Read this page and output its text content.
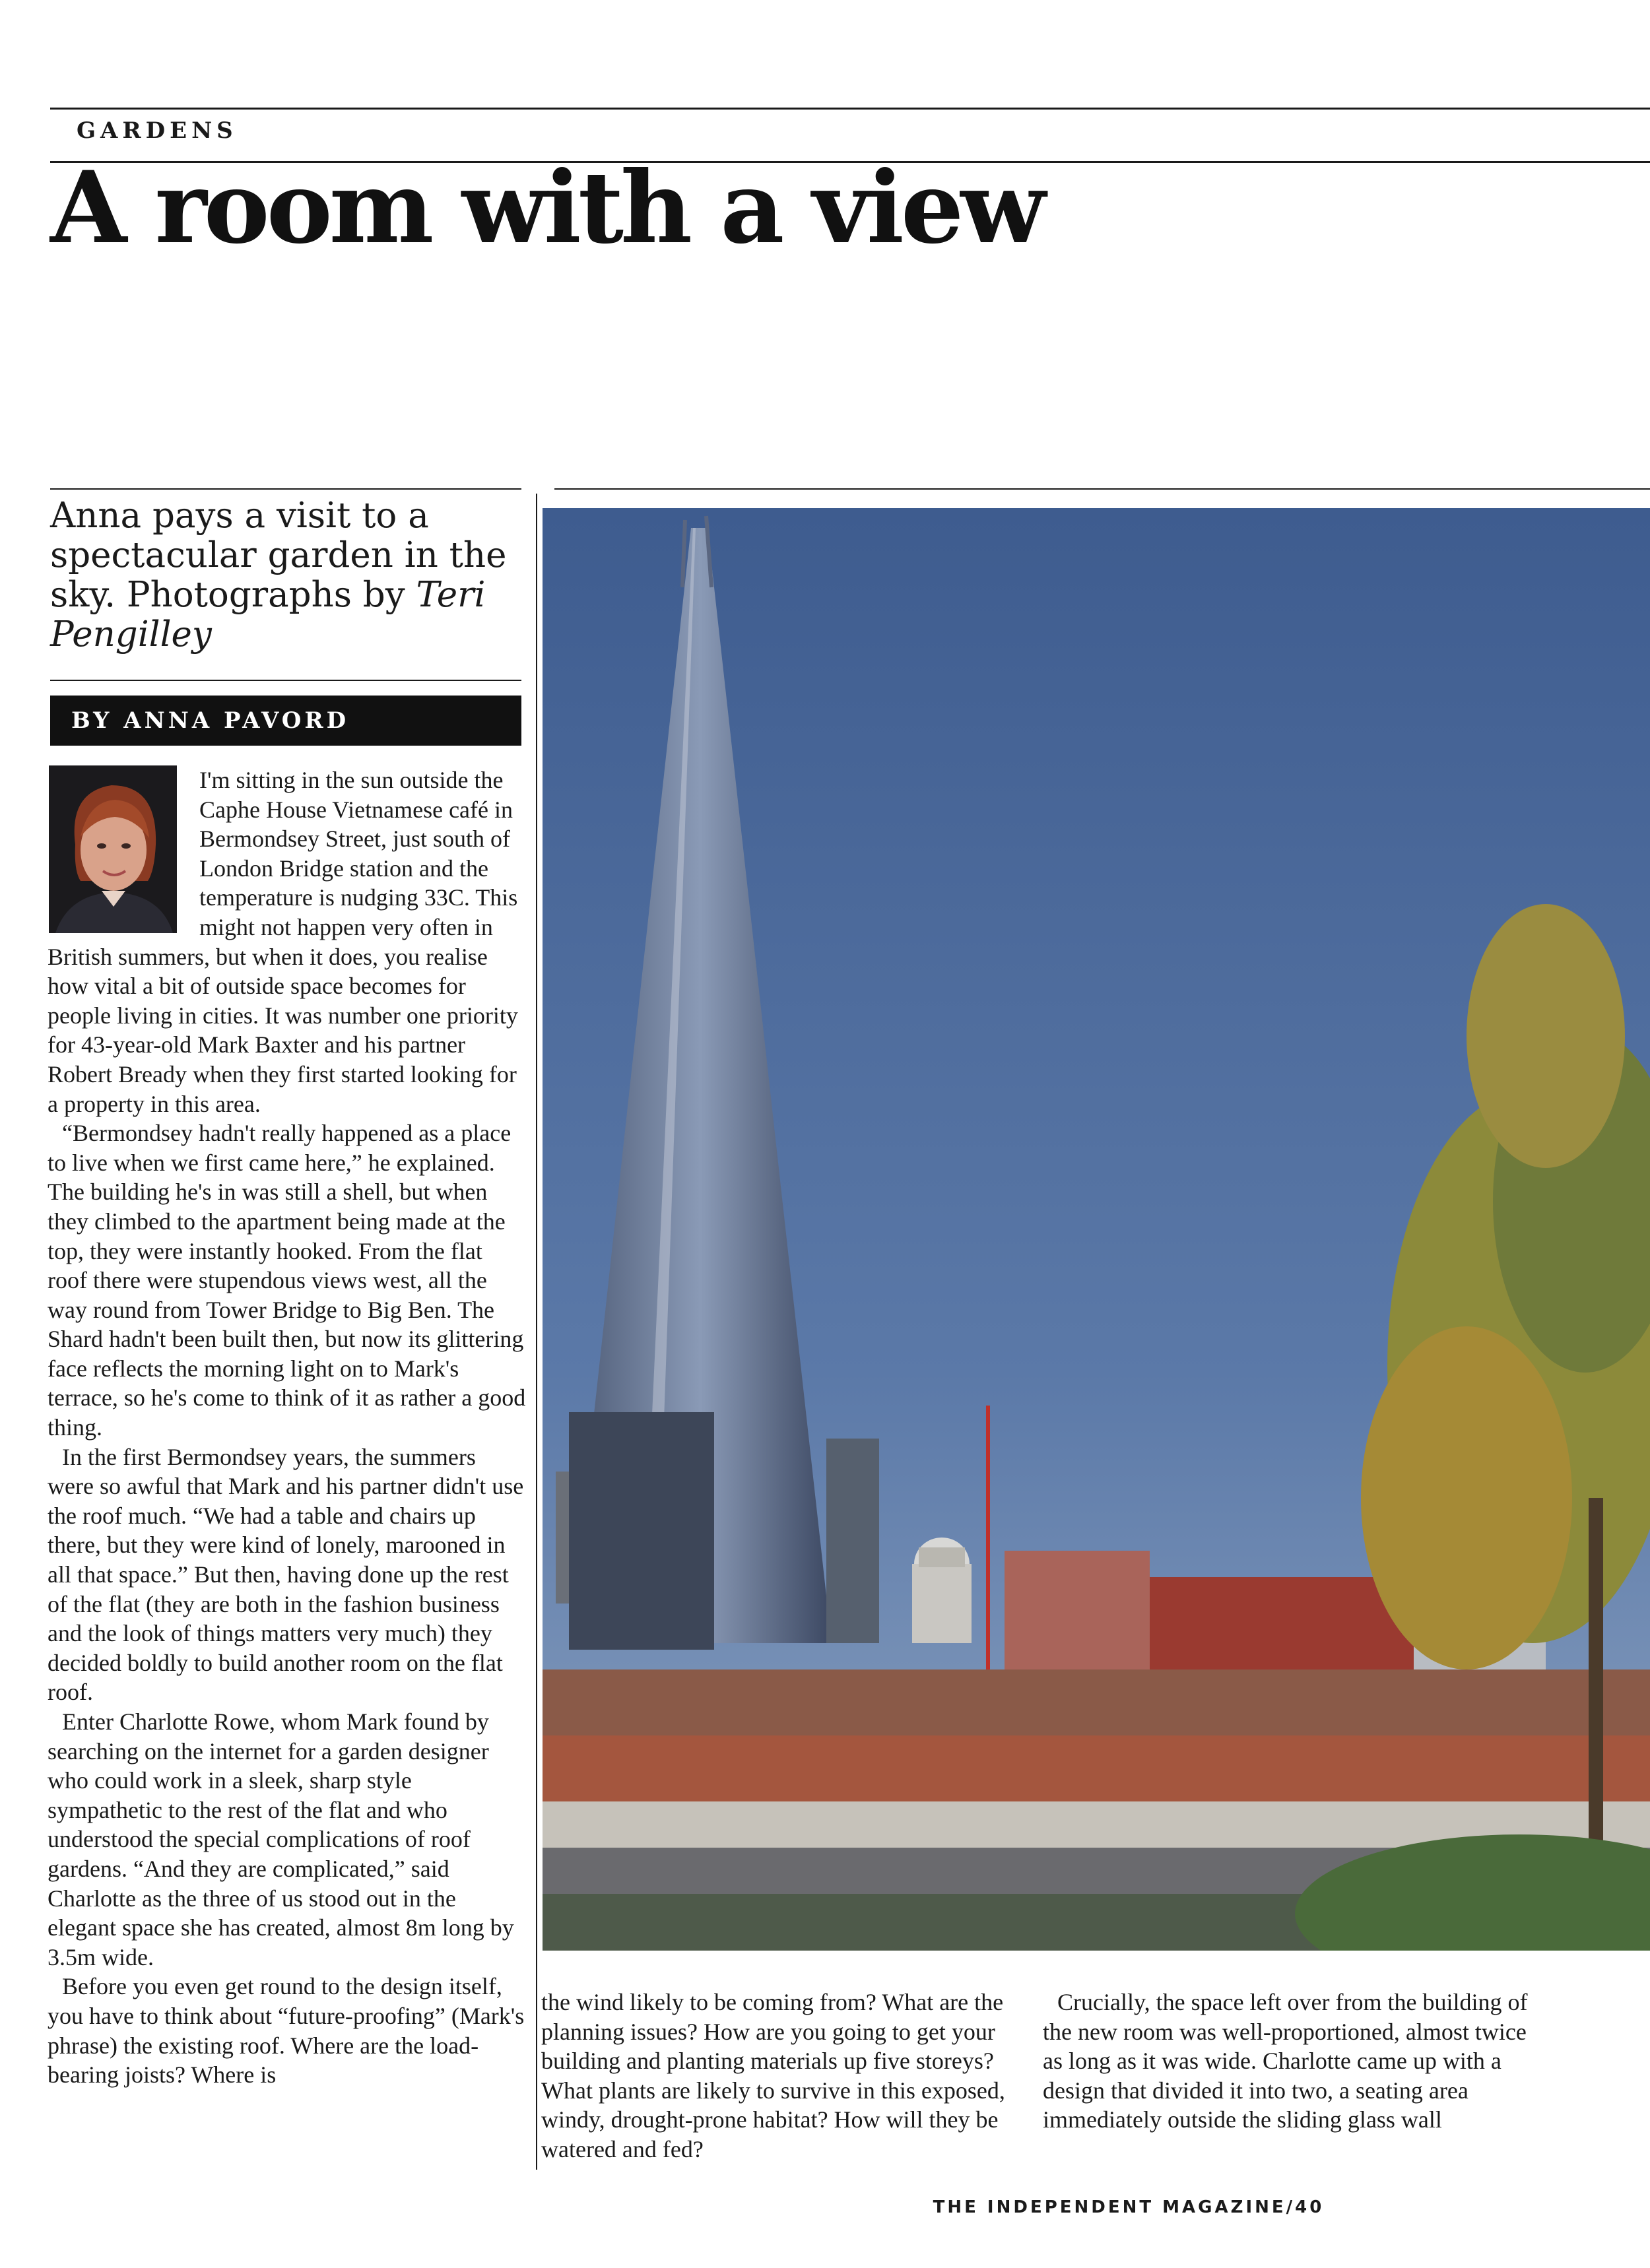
GARDENS
A room with a view
Anna pays a visit to a spectacular garden in the sky. Photographs by Teri Pengilley
BY ANNA PAVORD

I'm sitting in the sun outside the Caphe House Vietnamese café in Bermondsey Street, just south of London Bridge station and the temperature is nudging 33C. This might not happen very often in British summers, but when it does, you realise how vital a bit of outside space becomes for people living in cities. It was number one priority for 43-year-old Mark Baxter and his partner Robert Bready when they first started looking for a property in this area.

“Bermondsey hadn't really happened as a place to live when we first came here,” he explained. The building he's in was still a shell, but when they climbed to the apartment being made at the top, they were instantly hooked. From the flat roof there were stupendous views west, all the way round from Tower Bridge to Big Ben. The Shard hadn't been built then, but now its glittering face reflects the morning light on to Mark's terrace, so he's come to think of it as rather a good thing.

In the first Bermondsey years, the summers were so awful that Mark and his partner didn't use the roof much. “We had a table and chairs up there, but they were kind of lonely, marooned in all that space.” But then, having done up the rest of the flat (they are both in the fashion business and the look of things matters very much) they decided boldly to build another room on the flat roof.

Enter Charlotte Rowe, whom Mark found by searching on the internet for a garden designer who could work in a sleek, sharp style sympathetic to the rest of the flat and who understood the special complications of roof gardens. “And they are complicated,” said Charlotte as the three of us stood out in the elegant space she has created, almost 8m long by 3.5m wide.

Before you even get round to the design itself, you have to think about “future-proofing” (Mark's phrase) the existing roof. Where are the load-bearing joists? Where is

the wind likely to be coming from? What are the planning issues? How are you going to get your building and planting materials up five storeys? What plants are likely to survive in this exposed, windy, drought-prone habitat? How will they be watered and fed?

Crucially, the space left over from the building of the new room was well-proportioned, almost twice as long as it was wide. Charlotte came up with a design that divided it into two, a seating area immediately outside the sliding glass wall

THE INDEPENDENT MAGAZINE/40
